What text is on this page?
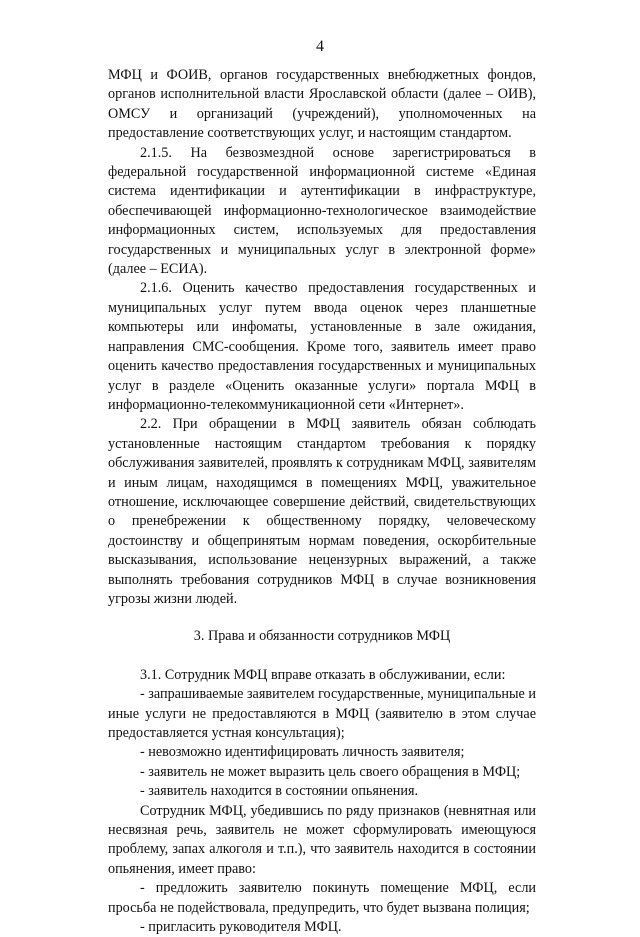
4

МФЦ и ФОИВ, органов государственных внебюджетных фондов, органов исполнительной власти Ярославской области (далее – ОИВ), ОМСУ и организаций (учреждений), уполномоченных на предоставление соответствующих услуг, и настоящим стандартом.

2.1.5. На безвозмездной основе зарегистрироваться в федеральной государственной информационной системе «Единая система идентификации и аутентификации в инфраструктуре, обеспечивающей информационно-технологическое взаимодействие информационных систем, используемых для предоставления государственных и муниципальных услуг в электронной форме» (далее – ЕСИА).

2.1.6. Оценить качество предоставления государственных и муниципальных услуг путем ввода оценок через планшетные компьютеры или инфоматы, установленные в зале ожидания, направления СМС-сообщения. Кроме того, заявитель имеет право оценить качество предоставления государственных и муниципальных услуг в разделе «Оценить оказанные услуги» портала МФЦ в информационно-телекоммуникационной сети «Интернет».

2.2. При обращении в МФЦ заявитель обязан соблюдать установленные настоящим стандартом требования к порядку обслуживания заявителей, проявлять к сотрудникам МФЦ, заявителям и иным лицам, находящимся в помещениях МФЦ, уважительное отношение, исключающее совершение действий, свидетельствующих о пренебрежении к общественному порядку, человеческому достоинству и общепринятым нормам поведения, оскорбительные высказывания, использование нецензурных выражений, а также выполнять требования сотрудников МФЦ в случае возникновения угрозы жизни людей.

3. Права и обязанности сотрудников МФЦ

3.1. Сотрудник МФЦ вправе отказать в обслуживании, если:

- запрашиваемые заявителем государственные, муниципальные и иные услуги не предоставляются в МФЦ (заявителю в этом случае предоставляется устная консультация);

- невозможно идентифицировать личность заявителя;

- заявитель не может выразить цель своего обращения в МФЦ;

- заявитель находится в состоянии опьянения.

Сотрудник МФЦ, убедившись по ряду признаков (невнятная или несвязная речь, заявитель не может сформулировать имеющуюся проблему, запах алкоголя и т.п.), что заявитель находится в состоянии опьянения, имеет право:

- предложить заявителю покинуть помещение МФЦ, если просьба не подействовала, предупредить, что будет вызвана полиция;

- пригласить руководителя МФЦ.
